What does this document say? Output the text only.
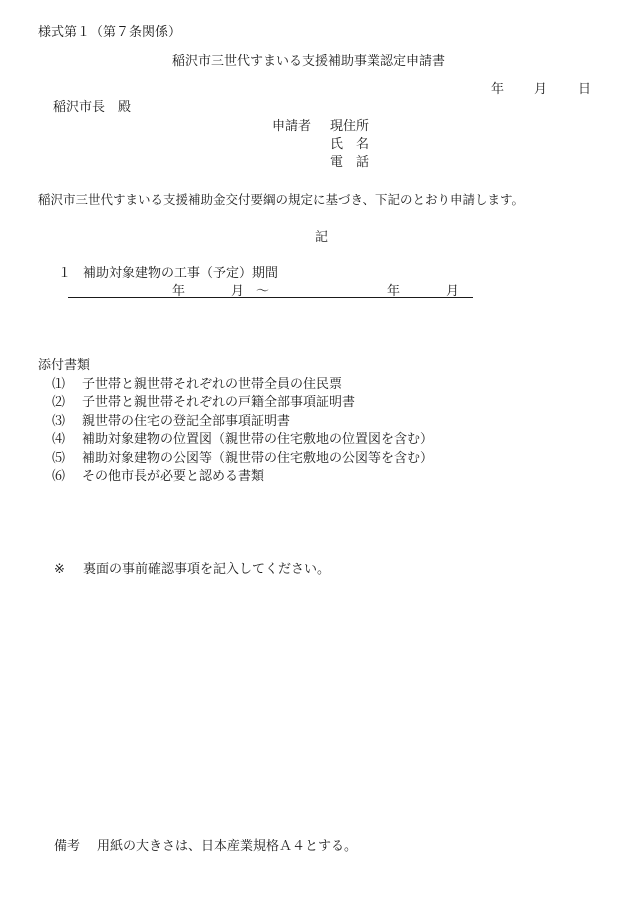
様式第１（第７条関係）
稲沢市三世代すまいる支援補助事業認定申請書
年 月 日
稲沢市長　殿
申請者 現住所
氏　名
電　話
稲沢市三世代すまいる支援補助金交付要綱の規定に基づき、下記のとおり申請します。
記
１ 補助対象建物の工事（予定）期間
年	月 ～	年	月
添付書類
⑴ 子世帯と親世帯それぞれの世帯全員の住民票
⑵ 子世帯と親世帯それぞれの戸籍全部事項証明書
⑶ 親世帯の住宅の登記全部事項証明書
⑷ 補助対象建物の位置図（親世帯の住宅敷地の位置図を含む）
⑸ 補助対象建物の公図等（親世帯の住宅敷地の公図等を含む）
⑹ その他市長が必要と認める書類
※ 裏面の事前確認事項を記入してください。
備考 用紙の大きさは、日本産業規格Ａ４とする。
